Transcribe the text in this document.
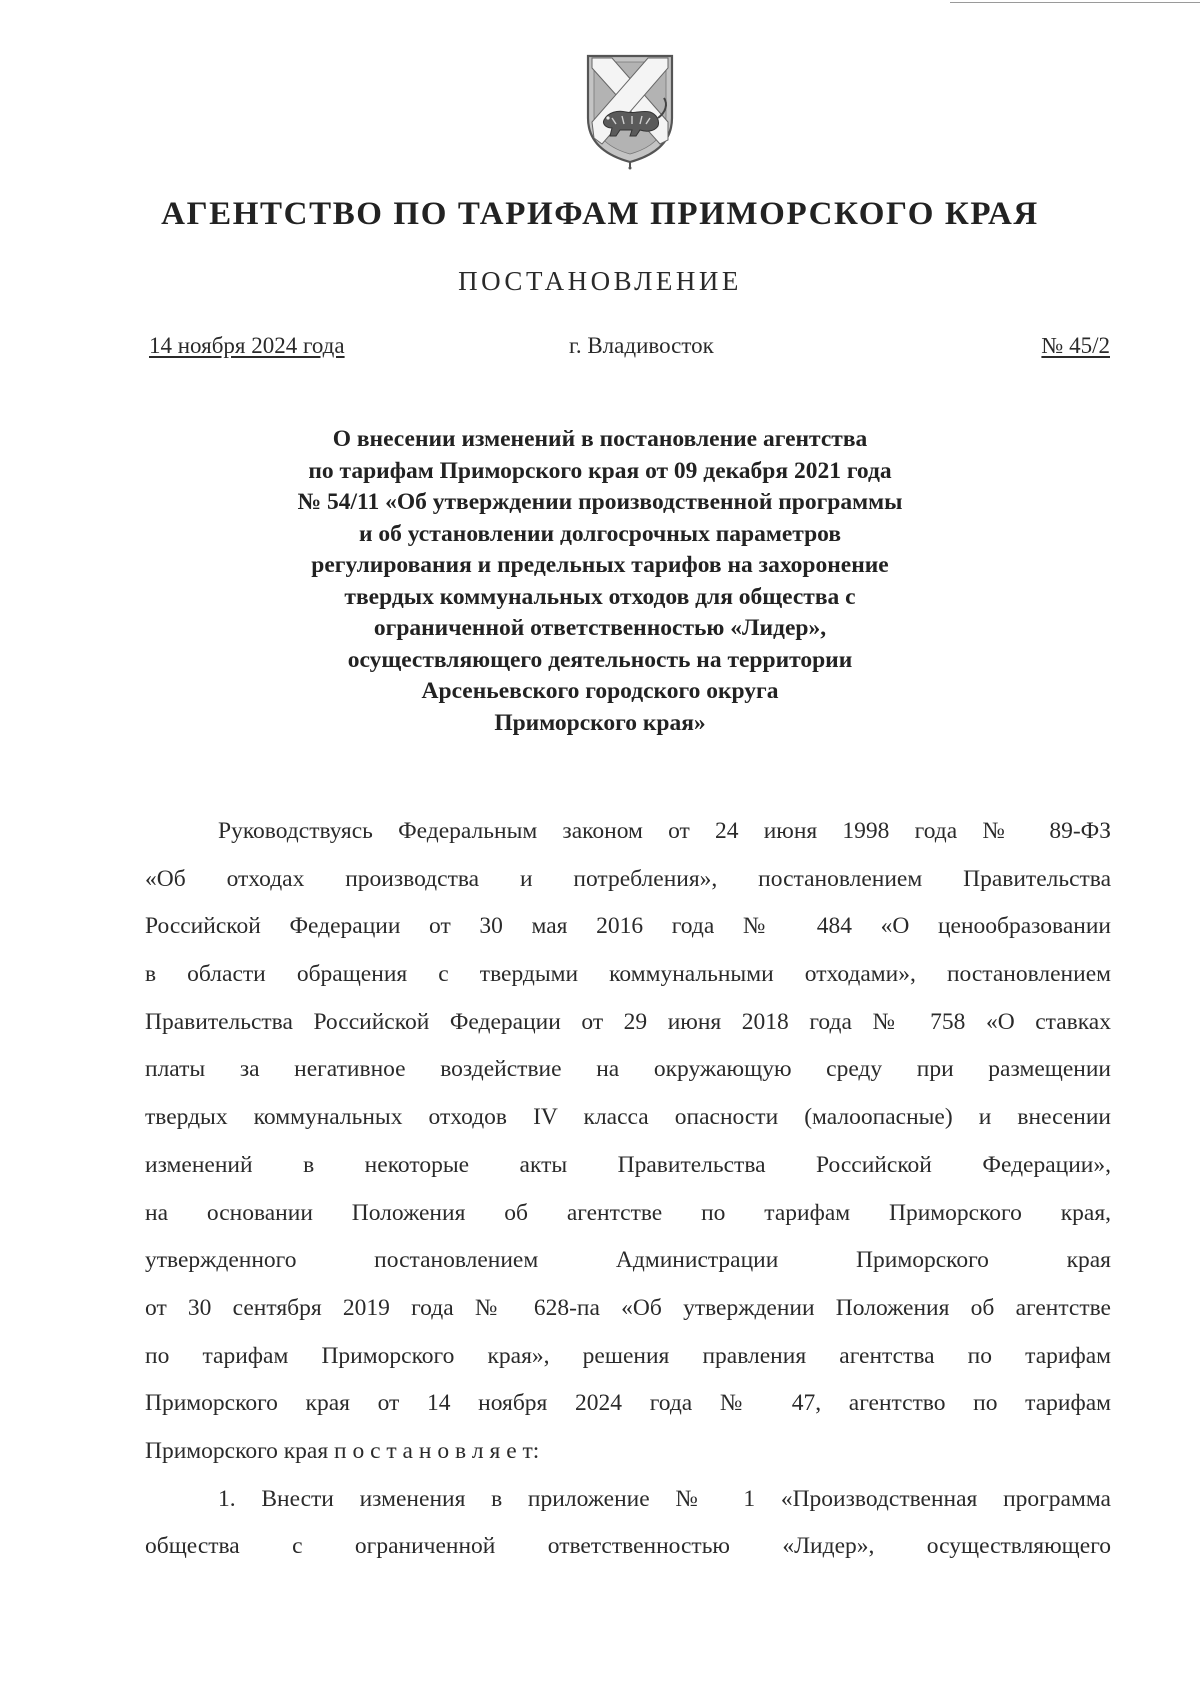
АГЕНТСТВО ПО ТАРИФАМ ПРИМОРСКОГО КРАЯ
ПОСТАНОВЛЕНИЕ
14 ноября 2024 года	г. Владивосток	№ 45/2
О внесении изменений в постановление агентства
по тарифам Приморского края от 09 декабря 2021 года
№ 54/11 «Об утверждении производственной программы
и об установлении долгосрочных параметров
регулирования и предельных тарифов на захоронение
твердых коммунальных отходов для общества с
ограниченной ответственностью «Лидер»,
осуществляющего деятельность на территории
Арсеньевского городского округа
Приморского края»
Руководствуясь Федеральным законом от 24 июня 1998 года № 89-ФЗ
«Об отходах производства и потребления», постановлением Правительства
Российской Федерации от 30 мая 2016 года № 484 «О ценообразовании
в области обращения с твердыми коммунальными отходами», постановлением
Правительства Российской Федерации от 29 июня 2018 года № 758 «О ставках
платы за негативное воздействие на окружающую среду при размещении
твердых коммунальных отходов IV класса опасности (малоопасные) и внесении
изменений в некоторые акты Правительства Российской Федерации»,
на основании Положения об агентстве по тарифам Приморского края,
утвержденного постановлением Администрации Приморского края
от 30 сентября 2019 года № 628-па «Об утверждении Положения об агентстве
по тарифам Приморского края», решения правления агентства по тарифам
Приморского края от 14 ноября 2024 года № 47, агентство по тарифам
Приморского края п о с т а н о в л я е т:
1. Внести изменения в приложение № 1 «Производственная программа
общества с ограниченной ответственностью «Лидер», осуществляющего
